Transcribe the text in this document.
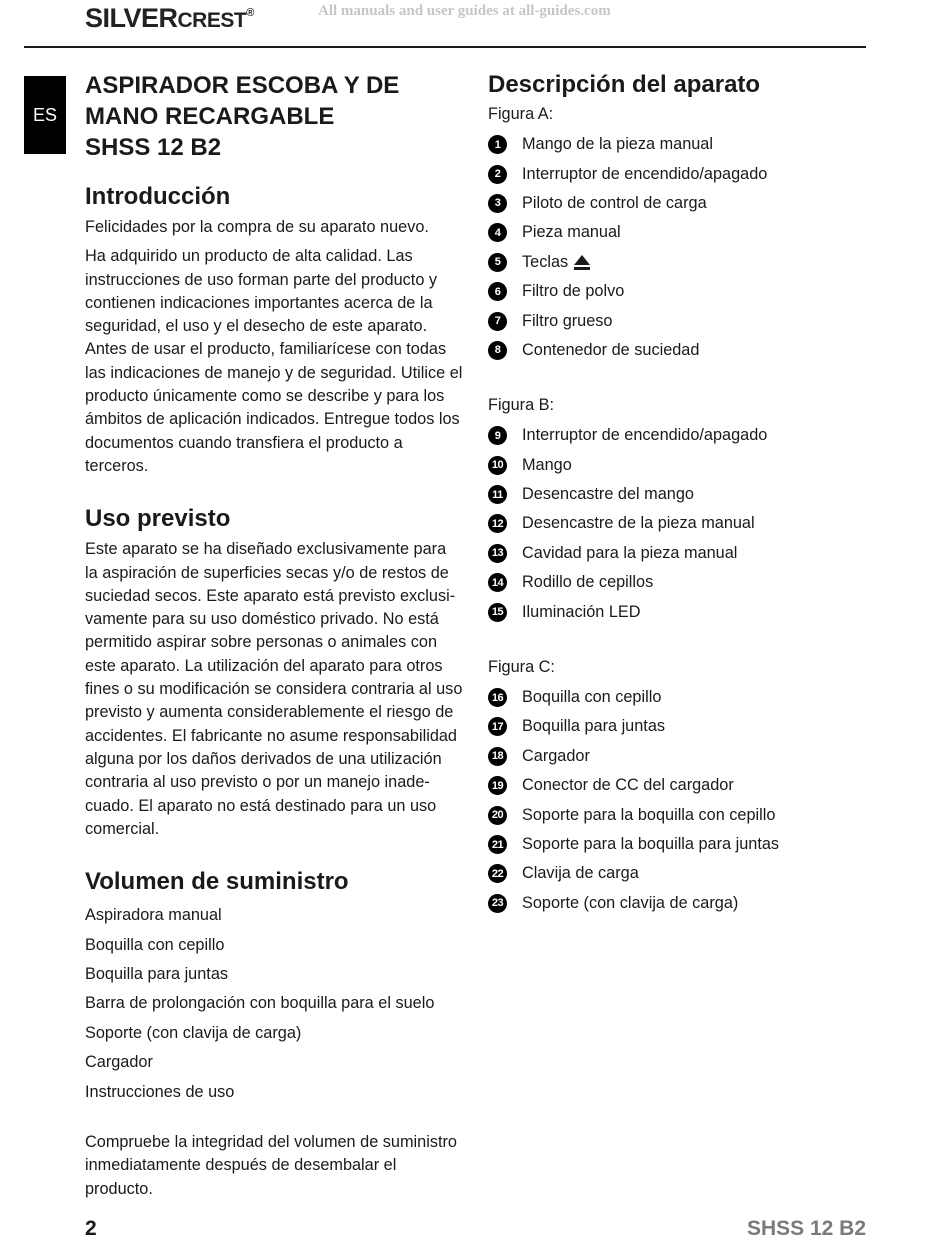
SILVERCREST®	All manuals and user guides at all-guides.com
ES
ASPIRADOR ESCOBA Y DE
MANO RECARGABLE
SHSS 12 B2
Introducción

Felicidades por la compra de su aparato nuevo.

Ha adquirido un producto de alta calidad. Las instrucciones de uso forman parte del producto y contienen indicaciones importantes acerca de la seguridad, el uso y el desecho de este aparato. Antes de usar el producto, familiarícese con todas las indicaciones de manejo y de seguridad. Utilice el producto únicamente como se describe y para los ámbitos de aplicación indicados. Entregue todos los documentos cuando transfiera el producto a terceros.

Uso previsto

Este aparato se ha diseñado exclusivamente para la aspiración de superficies secas y/o de restos de suciedad secos. Este aparato está previsto exclusivamente para su uso doméstico privado. No está permitido aspirar sobre personas o animales con este aparato. La utilización del aparato para otros fines o su modificación se considera contraria al uso previsto y aumenta considerablemente el riesgo de accidentes. El fabricante no asume responsabilidad alguna por los daños derivados de una utilización contraria al uso previsto o por un manejo inadecuado. El aparato no está destinado para un uso comercial.

Volumen de suministro
Aspiradora manual
Boquilla con cepillo
Boquilla para juntas
Barra de prolongación con boquilla para el suelo
Soporte (con clavija de carga)
Cargador
Instrucciones de uso

Compruebe la integridad del volumen de suministro inmediatamente después de desembalar el producto.

Descripción del aparato

Figura A:

1	Mango de la pieza manual
2	Interruptor de encendido/apagado
3	Piloto de control de carga
4	Pieza manual
5	Teclas
6	Filtro de polvo
7	Filtro grueso
8	Contenedor de suciedad

Figura B:

9	Interruptor de encendido/apagado
10 Mango
11 Desencastre del mango
12 Desencastre de la pieza manual
13 Cavidad para la pieza manual
14 Rodillo de cepillos
15 Iluminación LED

Figura C:

16 Boquilla con cepillo
17 Boquilla para juntas
18 Cargador
19 Conector de CC del cargador
20 Soporte para la boquilla con cepillo
21 Soporte para la boquilla para juntas
22 Clavija de carga
23 Soporte (con clavija de carga)
2	SHSS 12 B2
